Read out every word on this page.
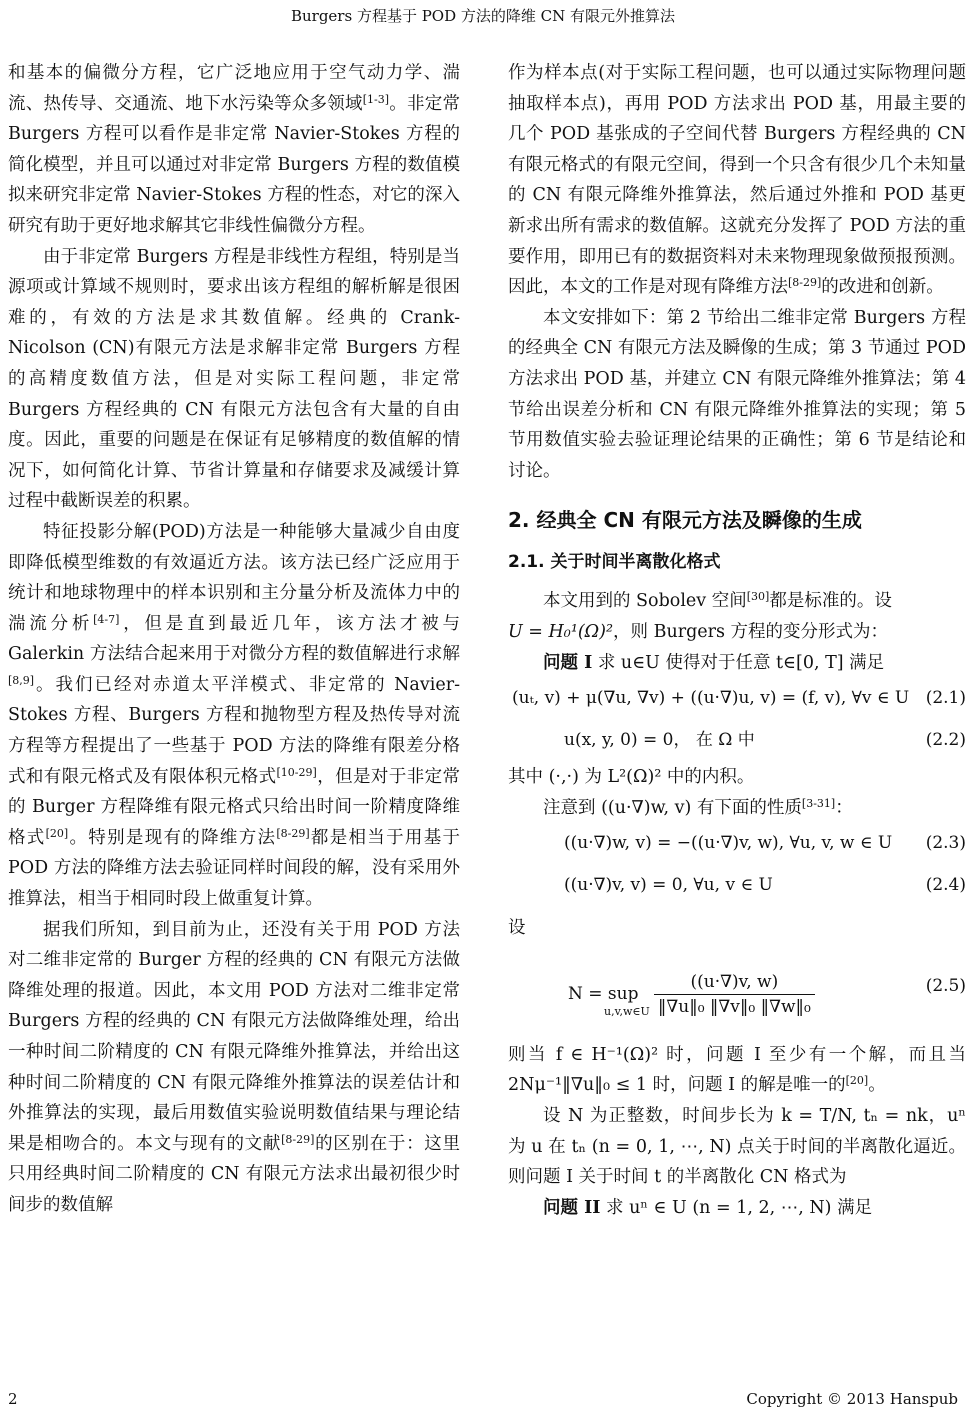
Burgers 方程基于 POD 方法的降维 CN 有限元外推算法

和基本的偏微分方程，它广泛地应用于空气动力学、湍流、热传导、交通流、地下水污染等众多领域[1-3]。非定常 Burgers 方程可以看作是非定常 Navier-Stokes 方程的简化模型，并且可以通过对非定常 Burgers 方程的数值模拟来研究非定常 Navier-Stokes 方程的性态，对它的深入研究有助于更好地求解其它非线性偏微分方程。

由于非定常 Burgers 方程是非线性方程组，特别是当源项或计算域不规则时，要求出该方程组的解析解是很困难的，有效的方法是求其数值解。经典的 Crank-Nicolson (CN)有限元方法是求解非定常 Burgers 方程的高精度数值方法，但是对实际工程问题，非定常 Burgers 方程经典的 CN 有限元方法包含有大量的自由度。因此，重要的问题是在保证有足够精度的数值解的情况下，如何简化计算、节省计算量和存储要求及减缓计算过程中截断误差的积累。

特征投影分解(POD)方法是一种能够大量减少自由度即降低模型维数的有效逼近方法。该方法已经广泛应用于统计和地球物理中的样本识别和主分量分析及流体力中的湍流分析[4-7]，但是直到最近几年，该方法才被与 Galerkin 方法结合起来用于对微分方程的数值解进行求解[8,9]。我们已经对赤道太平洋模式、非定常的 Navier-Stokes 方程、Burgers 方程和抛物型方程及热传导对流方程等方程提出了一些基于 POD 方法的降维有限差分格式和有限元格式及有限体积元格式[10-29]，但是对于非定常的 Burger 方程降维有限元格式只给出时间一阶精度降维格式[20]。特别是现有的降维方法[8-29]都是相当于用基于 POD 方法的降维方法去验证同样时间段的解，没有采用外推算法，相当于相同时段上做重复计算。

据我们所知，到目前为止，还没有关于用 POD 方法对二维非定常的 Burger 方程的经典的 CN 有限元方法做降维处理的报道。因此，本文用 POD 方法对二维非定常 Burgers 方程的经典的 CN 有限元方法做降维处理，给出一种时间二阶精度的 CN 有限元降维外推算法，并给出这种时间二阶精度的 CN 有限元降维外推算法的误差估计和外推算法的实现，最后用数值实验说明数值结果与理论结果是相吻合的。本文与现有的文献[8-29]的区别在于：这里只用经典时间二阶精度的 CN 有限元方法求出最初很少时间步的数值解

作为样本点(对于实际工程问题，也可以通过实际物理问题抽取样本点)，再用 POD 方法求出 POD 基，用最主要的几个 POD 基张成的子空间代替 Burgers 方程经典的 CN 有限元格式的有限元空间，得到一个只含有很少几个未知量的 CN 有限元降维外推算法，然后通过外推和 POD 基更新求出所有需求的数值解。这就充分发挥了 POD 方法的重要作用，即用已有的数据资料对未来物理现象做预报预测。因此，本文的工作是对现有降维方法[8-29]的改进和创新。

本文安排如下：第 2 节给出二维非定常 Burgers 方程的经典全 CN 有限元方法及瞬像的生成；第 3 节通过 POD 方法求出 POD 基，并建立 CN 有限元降维外推算法；第 4 节给出误差分析和 CN 有限元降维外推算法的实现；第 5 节用数值实验去验证理论结果的正确性；第 6 节是结论和讨论。

2. 经典全 CN 有限元方法及瞬像的生成
2.1. 关于时间半离散化格式

本文用到的 Sobolev 空间[30]都是标准的。设
U = H₀¹(Ω)²，则 Burgers 方程的变分形式为：

问题 I 求 u∈U 使得对于任意 t∈[0, T] 满足

(uₜ, v) + μ(∇u, ∇v) + ((u·∇)u, v) = (f, v), ∀v ∈ U (2.1)
u(x, y, 0) = 0， 在 Ω 中	(2.2)

其中 (·,·) 为 L²(Ω)² 中的内积。

注意到 ((u·∇)w, v) 有下面的性质[3-31]：

((u·∇)w, v) = −((u·∇)v, w), ∀u, v, w ∈ U (2.3)
((u·∇)v, v) = 0, ∀u, v ∈ U	(2.4)

设

N = sup $\frac{((u\cdot\nabla)v, w)}{\text{‖∇u‖₀ ‖∇v‖₀ ‖∇w‖₀}}$
u,v,w∈U
(2.5)

则当 f ∈ H⁻¹(Ω)² 时，问题 I 至少有一个解，而且当 2Nμ⁻¹‖∇u‖₀ ≤ 1 时，问题 I 的解是唯一的[20]。

设 N 为正整数，时间步长为 k = T/N, tₙ = nk，uⁿ 为 u 在 tₙ (n = 0, 1, ⋯, N) 点关于时间的半离散化逼近。则问题 I 关于时间 t 的半离散化 CN 格式为

问题 II 求 uⁿ ∈ U (n = 1, 2, ⋯, N) 满足

2	Copyright © 2013 Hanspub
